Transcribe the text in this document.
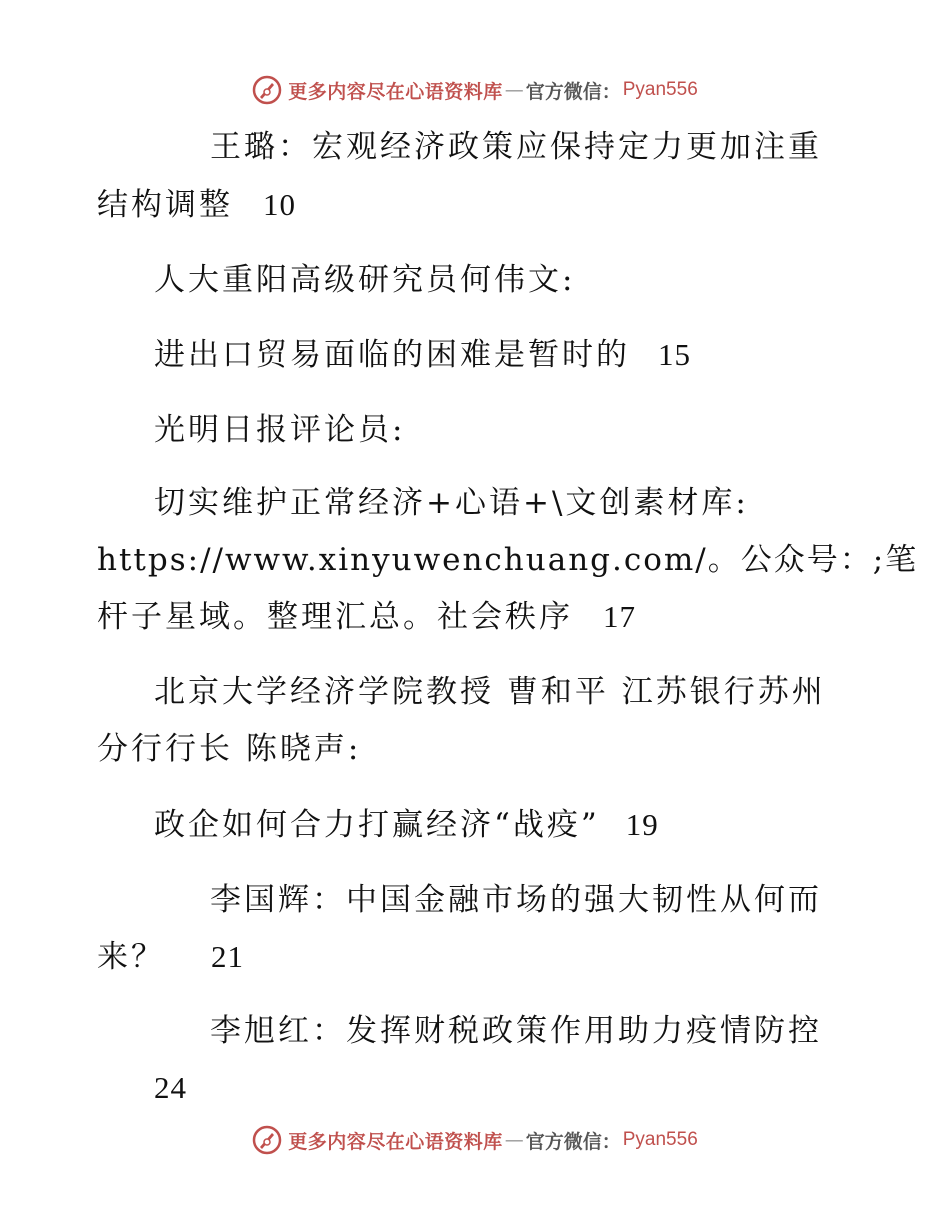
更多内容尽在心语资料库 — 官方微信： Pyan556
王璐：宏观经济政策应保持定力更加注重
结构调整 10
人大重阳高级研究员何伟文:
进出口贸易面临的困难是暂时的 15
光明日报评论员:
切实维护正常经济+心语+\文创素材库:
https://www.xinyuwenchuang.com/。公众号：;笔
杆子星域。整理汇总。社会秩序 17
北京大学经济学院教授 曹和平 江苏银行苏州
分行行长 陈晓声:
政企如何合力打赢经济“战疫” 19
李国辉：中国金融市场的强大韧性从何而
来？ 21
李旭红：发挥财税政策作用助力疫情防控
24
更多内容尽在心语资料库 — 官方微信： Pyan556
